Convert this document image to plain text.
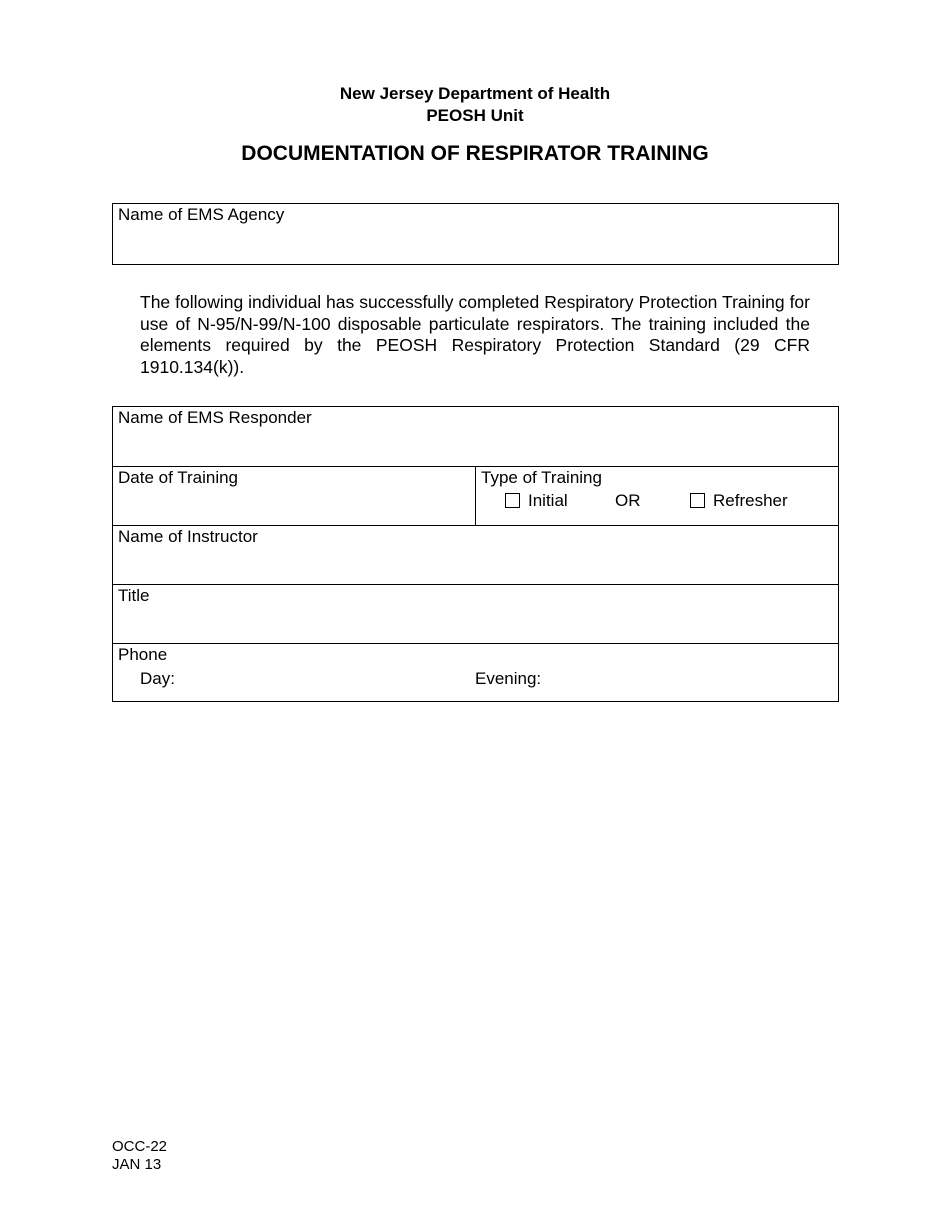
New Jersey Department of Health
PEOSH Unit
DOCUMENTATION OF RESPIRATOR TRAINING
Name of EMS Agency
The following individual has successfully completed Respiratory Protection Training for use of N-95/N-99/N-100 disposable particulate respirators. The training included the elements required by the PEOSH Respiratory Protection Standard (29 CFR 1910.134(k)).
Name of EMS Responder
Date of Training	Type of Training
Initial	OR	Refresher
Name of Instructor
Title
Phone
Day:	Evening:
OCC-22
JAN 13
